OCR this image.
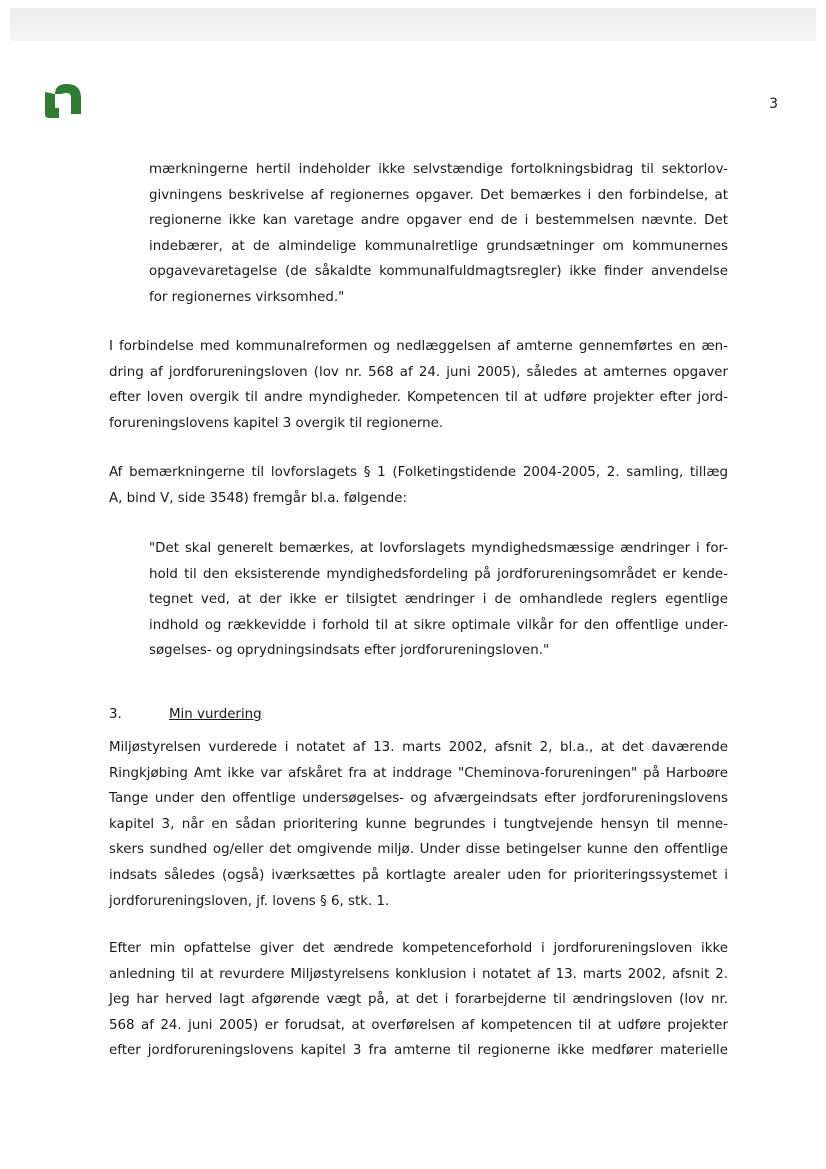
3
mærkningerne hertil indeholder ikke selvstændige fortolkningsbidrag til sektorlov-
givningens beskrivelse af regionernes opgaver. Det bemærkes i den forbindelse, at
regionerne ikke kan varetage andre opgaver end de i bestemmelsen nævnte. Det
indebærer, at de almindelige kommunalretlige grundsætninger om kommunernes
opgavevaretagelse (de såkaldte kommunalfuldmagtsregler) ikke finder anvendelse
for regionernes virksomhed."
I forbindelse med kommunalreformen og nedlæggelsen af amterne gennemførtes en æn-
dring af jordforureningsloven (lov nr. 568 af 24. juni 2005), således at amternes opgaver
efter loven overgik til andre myndigheder. Kompetencen til at udføre projekter efter jord-
forureningslovens kapitel 3 overgik til regionerne.
Af bemærkningerne til lovforslagets § 1 (Folketingstidende 2004-2005, 2. samling, tillæg
A, bind V, side 3548) fremgår bl.a. følgende:
"Det skal generelt bemærkes, at lovforslagets myndighedsmæssige ændringer i for-
hold til den eksisterende myndighedsfordeling på jordforureningsområdet er kende-
tegnet ved, at der ikke er tilsigtet ændringer i de omhandlede reglers egentlige
indhold og rækkevidde i forhold til at sikre optimale vilkår for den offentlige under-
søgelses- og oprydningsindsats efter jordforureningsloven."
3.	Min vurdering
Miljøstyrelsen vurderede i notatet af 13. marts 2002, afsnit 2, bl.a., at det daværende
Ringkjøbing Amt ikke var afskåret fra at inddrage "Cheminova-forureningen" på Harboøre
Tange under den offentlige undersøgelses- og afværgeindsats efter jordforureningslovens
kapitel 3, når en sådan prioritering kunne begrundes i tungtvejende hensyn til menne-
skers sundhed og/eller det omgivende miljø. Under disse betingelser kunne den offentlige
indsats således (også) iværksættes på kortlagte arealer uden for prioriteringssystemet i
jordforureningsloven, jf. lovens § 6, stk. 1.
Efter min opfattelse giver det ændrede kompetenceforhold i jordforureningsloven ikke
anledning til at revurdere Miljøstyrelsens konklusion i notatet af 13. marts 2002, afsnit 2.
Jeg har herved lagt afgørende vægt på, at det i forarbejderne til ændringsloven (lov nr.
568 af 24. juni 2005) er forudsat, at overførelsen af kompetencen til at udføre projekter
efter jordforureningslovens kapitel 3 fra amterne til regionerne ikke medfører materielle
